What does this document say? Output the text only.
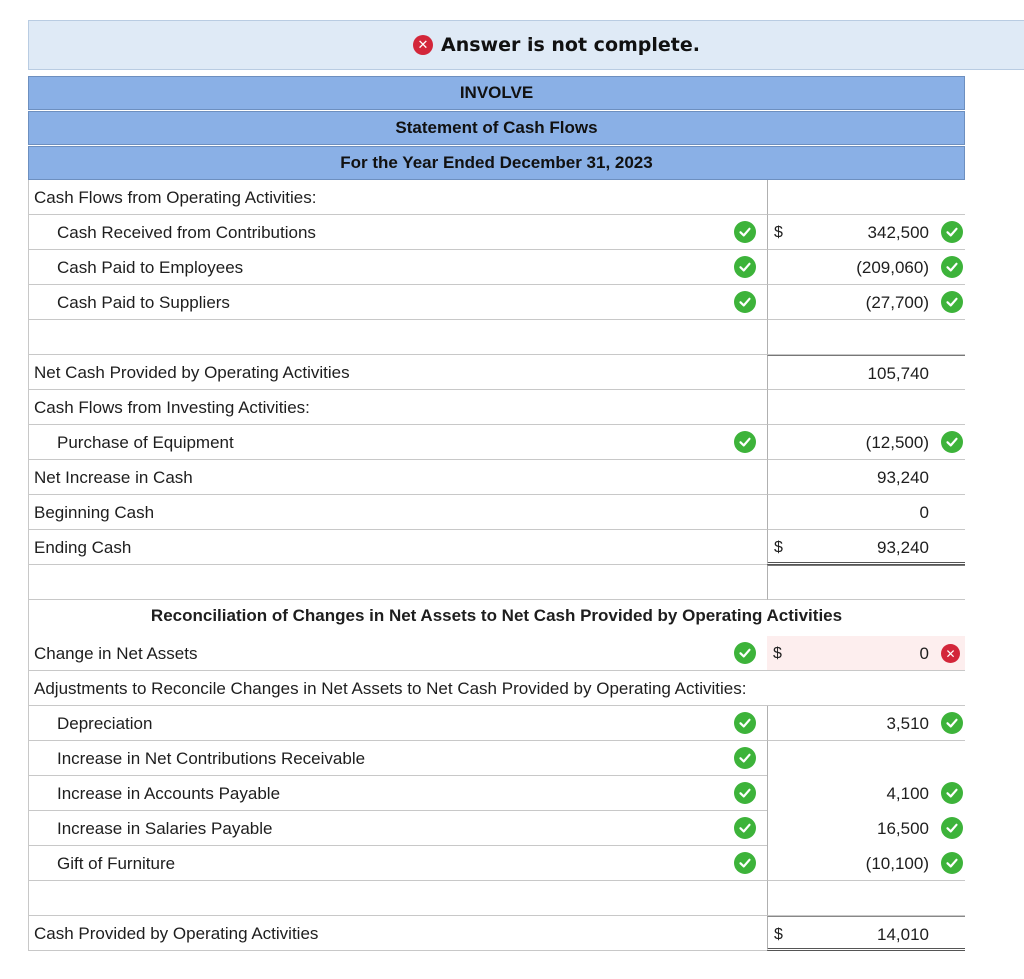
✕ Answer is not complete.
INVOLVE
Statement of Cash Flows
For the Year Ended December 31, 2023
Cash Flows from Operating Activities:
Cash Received from Contributions	$	342,500
Cash Paid to Employees	(209,060)
Cash Paid to Suppliers	(27,700)
Net Cash Provided by Operating Activities	105,740
Cash Flows from Investing Activities:
Purchase of Equipment	(12,500)
Net Increase in Cash	93,240
Beginning Cash	0
Ending Cash	$	93,240
Reconciliation of Changes in Net Assets to Net Cash Provided by Operating Activities
Change in Net Assets	$	0	✕
Adjustments to Reconcile Changes in Net Assets to Net Cash Provided by Operating Activities:
Depreciation	3,510
Increase in Net Contributions Receivable
Increase in Accounts Payable	4,100
Increase in Salaries Payable	16,500
Gift of Furniture	(10,100)
Cash Provided by Operating Activities	$	14,010
